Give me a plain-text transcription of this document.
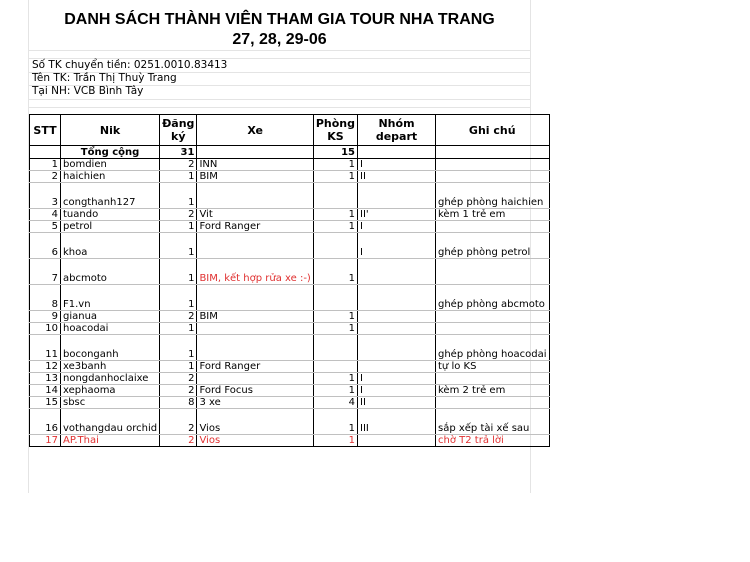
DANH SÁCH THÀNH VIÊN THAM GIA TOUR NHA TRANG
27, 28, 29-06
Số TK chuyển tiền: 0251.0010.83413
Tên TK: Trần Thị Thuỳ Trang
Tại NH: VCB Bình Tây
STT	Nik	Đăng ký	Xe	Phòng KS	Nhóm depart	Ghi chú
	Tổng cộng	31		15		
1	bomdien	2	INN	1	I	
2	haichien	1	BIM	1	II	
3	congthanh127	1				ghép phòng haichien
4	tuando	2	Vit	1	II'	kèm 1 trẻ em
5	petrol	1	Ford Ranger	1	I	
6	khoa	1			I	ghép phòng petrol
7	abcmoto	1	BIM, kết hợp rửa xe :-)	1		
8	F1.vn	1				ghép phòng abcmoto
9	gianua	2	BIM	1		
10	hoacodai	1		1		
11	boconganh	1				ghép phòng hoacodai
12	xe3banh	1	Ford Ranger			tự lo KS
13	nongdanhoclaixe	2		1	I	
14	xephaoma	2	Ford Focus	1	I	kèm 2 trẻ em
15	sbsc	8	3 xe	4	II	
16	vothangdau orchid	2	Vios	1	III	sắp xếp tài xế sau
17	AP.Thai	2	Vios	1		chờ T2 trả lời
